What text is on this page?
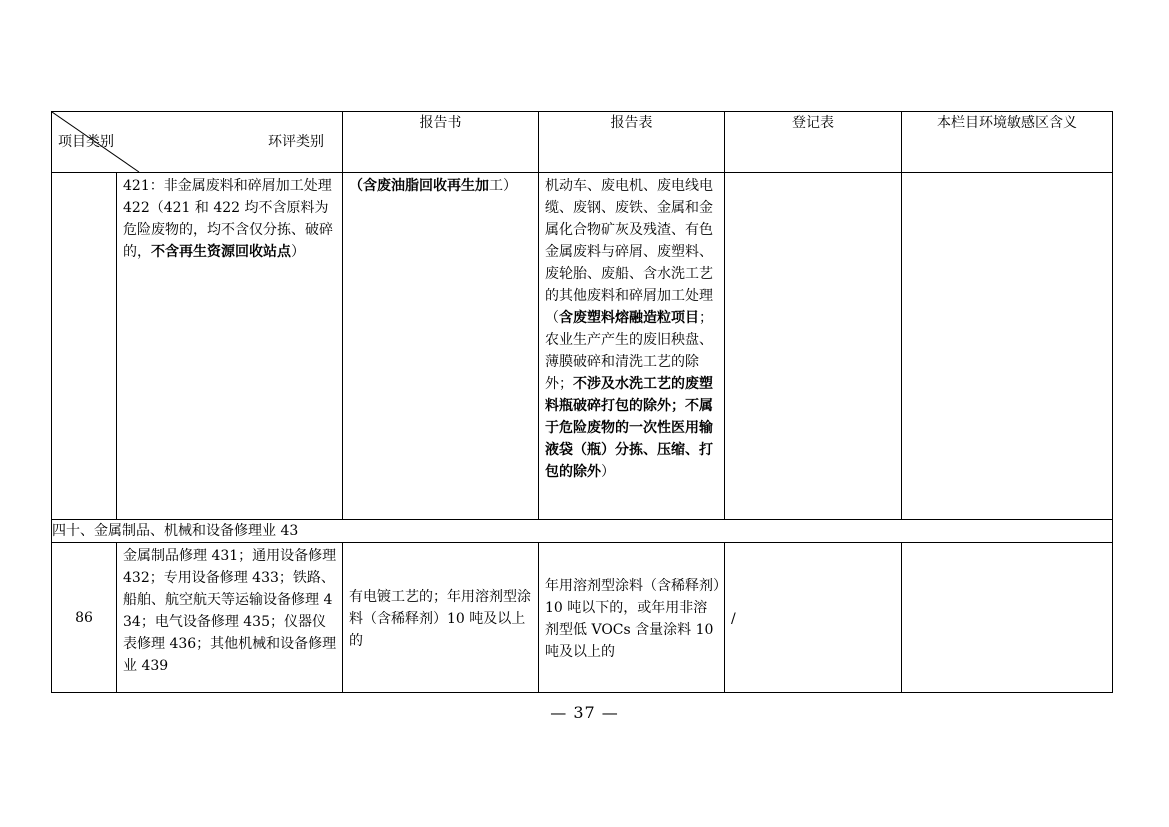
项目类别 环评类别		报告书	报告表	登记表	本栏目环境敏感区含义

	421：非金属废料和碎屑加工处理 422（421 和 422 均不含原料为危险废物的，均不含仅分拣、破碎的，不含再生资源回收站点）	（含废油脂回收再生加工）	机动车、废电机、废电线电缆、废钢、废铁、金属和金属化合物矿灰及残渣、有色金属废料与碎屑、废塑料、废轮胎、废船、含水洗工艺的其他废料和碎屑加工处理（含废塑料熔融造粒项目；农业生产产生的废旧秧盘、薄膜破碎和清洗工艺的除外；不涉及水洗工艺的废塑料瓶破碎打包的除外；不属于危险废物的一次性医用输液袋（瓶）分拣、压缩、打包的除外）		

四十、金属制品、机械和设备修理业 43					
86	金属制品修理 431；通用设备修理 432；专用设备修理 433；铁路、船舶、航空航天等运输设备修理 434；电气设备修理 435；仪器仪表修理 436；其他机械和设备修理业 439	有电镀工艺的；年用溶剂型涂料（含稀释剂）10 吨及以上的	年用溶剂型涂料（含稀释剂）10 吨以下的，或年用非溶剂型低 VOCs 含量涂料 10 吨及以上的	/	

— 37 —
